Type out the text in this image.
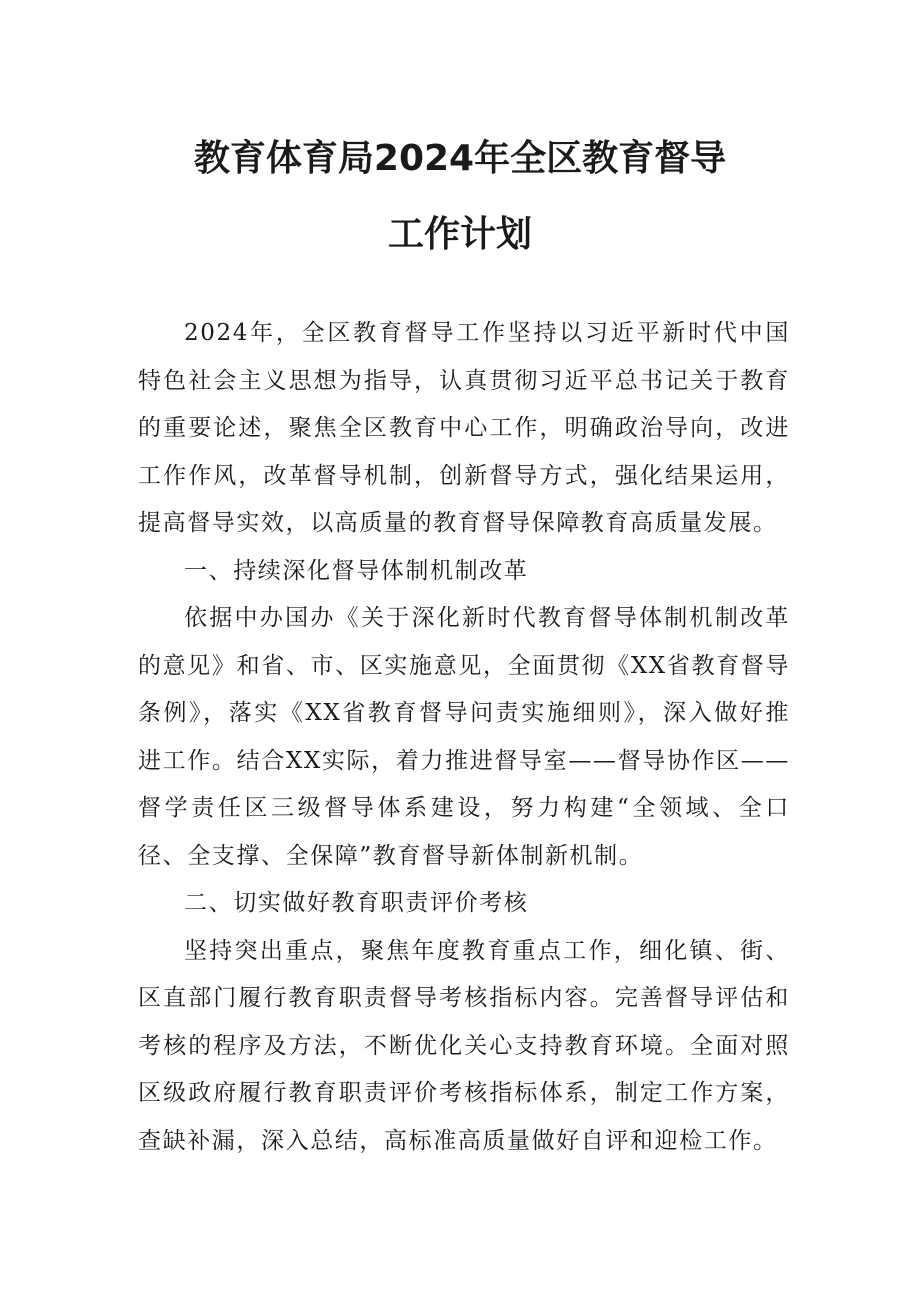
教育体育局2024年全区教育督导
工作计划

2024年，全区教育督导工作坚持以习近平新时代中国特色社会主义思想为指导，认真贯彻习近平总书记关于教育的重要论述，聚焦全区教育中心工作，明确政治导向，改进工作作风，改革督导机制，创新督导方式，强化结果运用，提高督导实效，以高质量的教育督导保障教育高质量发展。

一、持续深化督导体制机制改革

依据中办国办《关于深化新时代教育督导体制机制改革的意见》和省、市、区实施意见，全面贯彻《XX省教育督导条例》，落实《XX省教育督导问责实施细则》，深入做好推进工作。结合XX实际，着力推进督导室——督导协作区——督学责任区三级督导体系建设，努力构建“全领域、全口径、全支撑、全保障”教育督导新体制新机制。

二、切实做好教育职责评价考核

坚持突出重点，聚焦年度教育重点工作，细化镇、街、区直部门履行教育职责督导考核指标内容。完善督导评估和考核的程序及方法，不断优化关心支持教育环境。全面对照区级政府履行教育职责评价考核指标体系，制定工作方案，查缺补漏，深入总结，高标准高质量做好自评和迎检工作。
